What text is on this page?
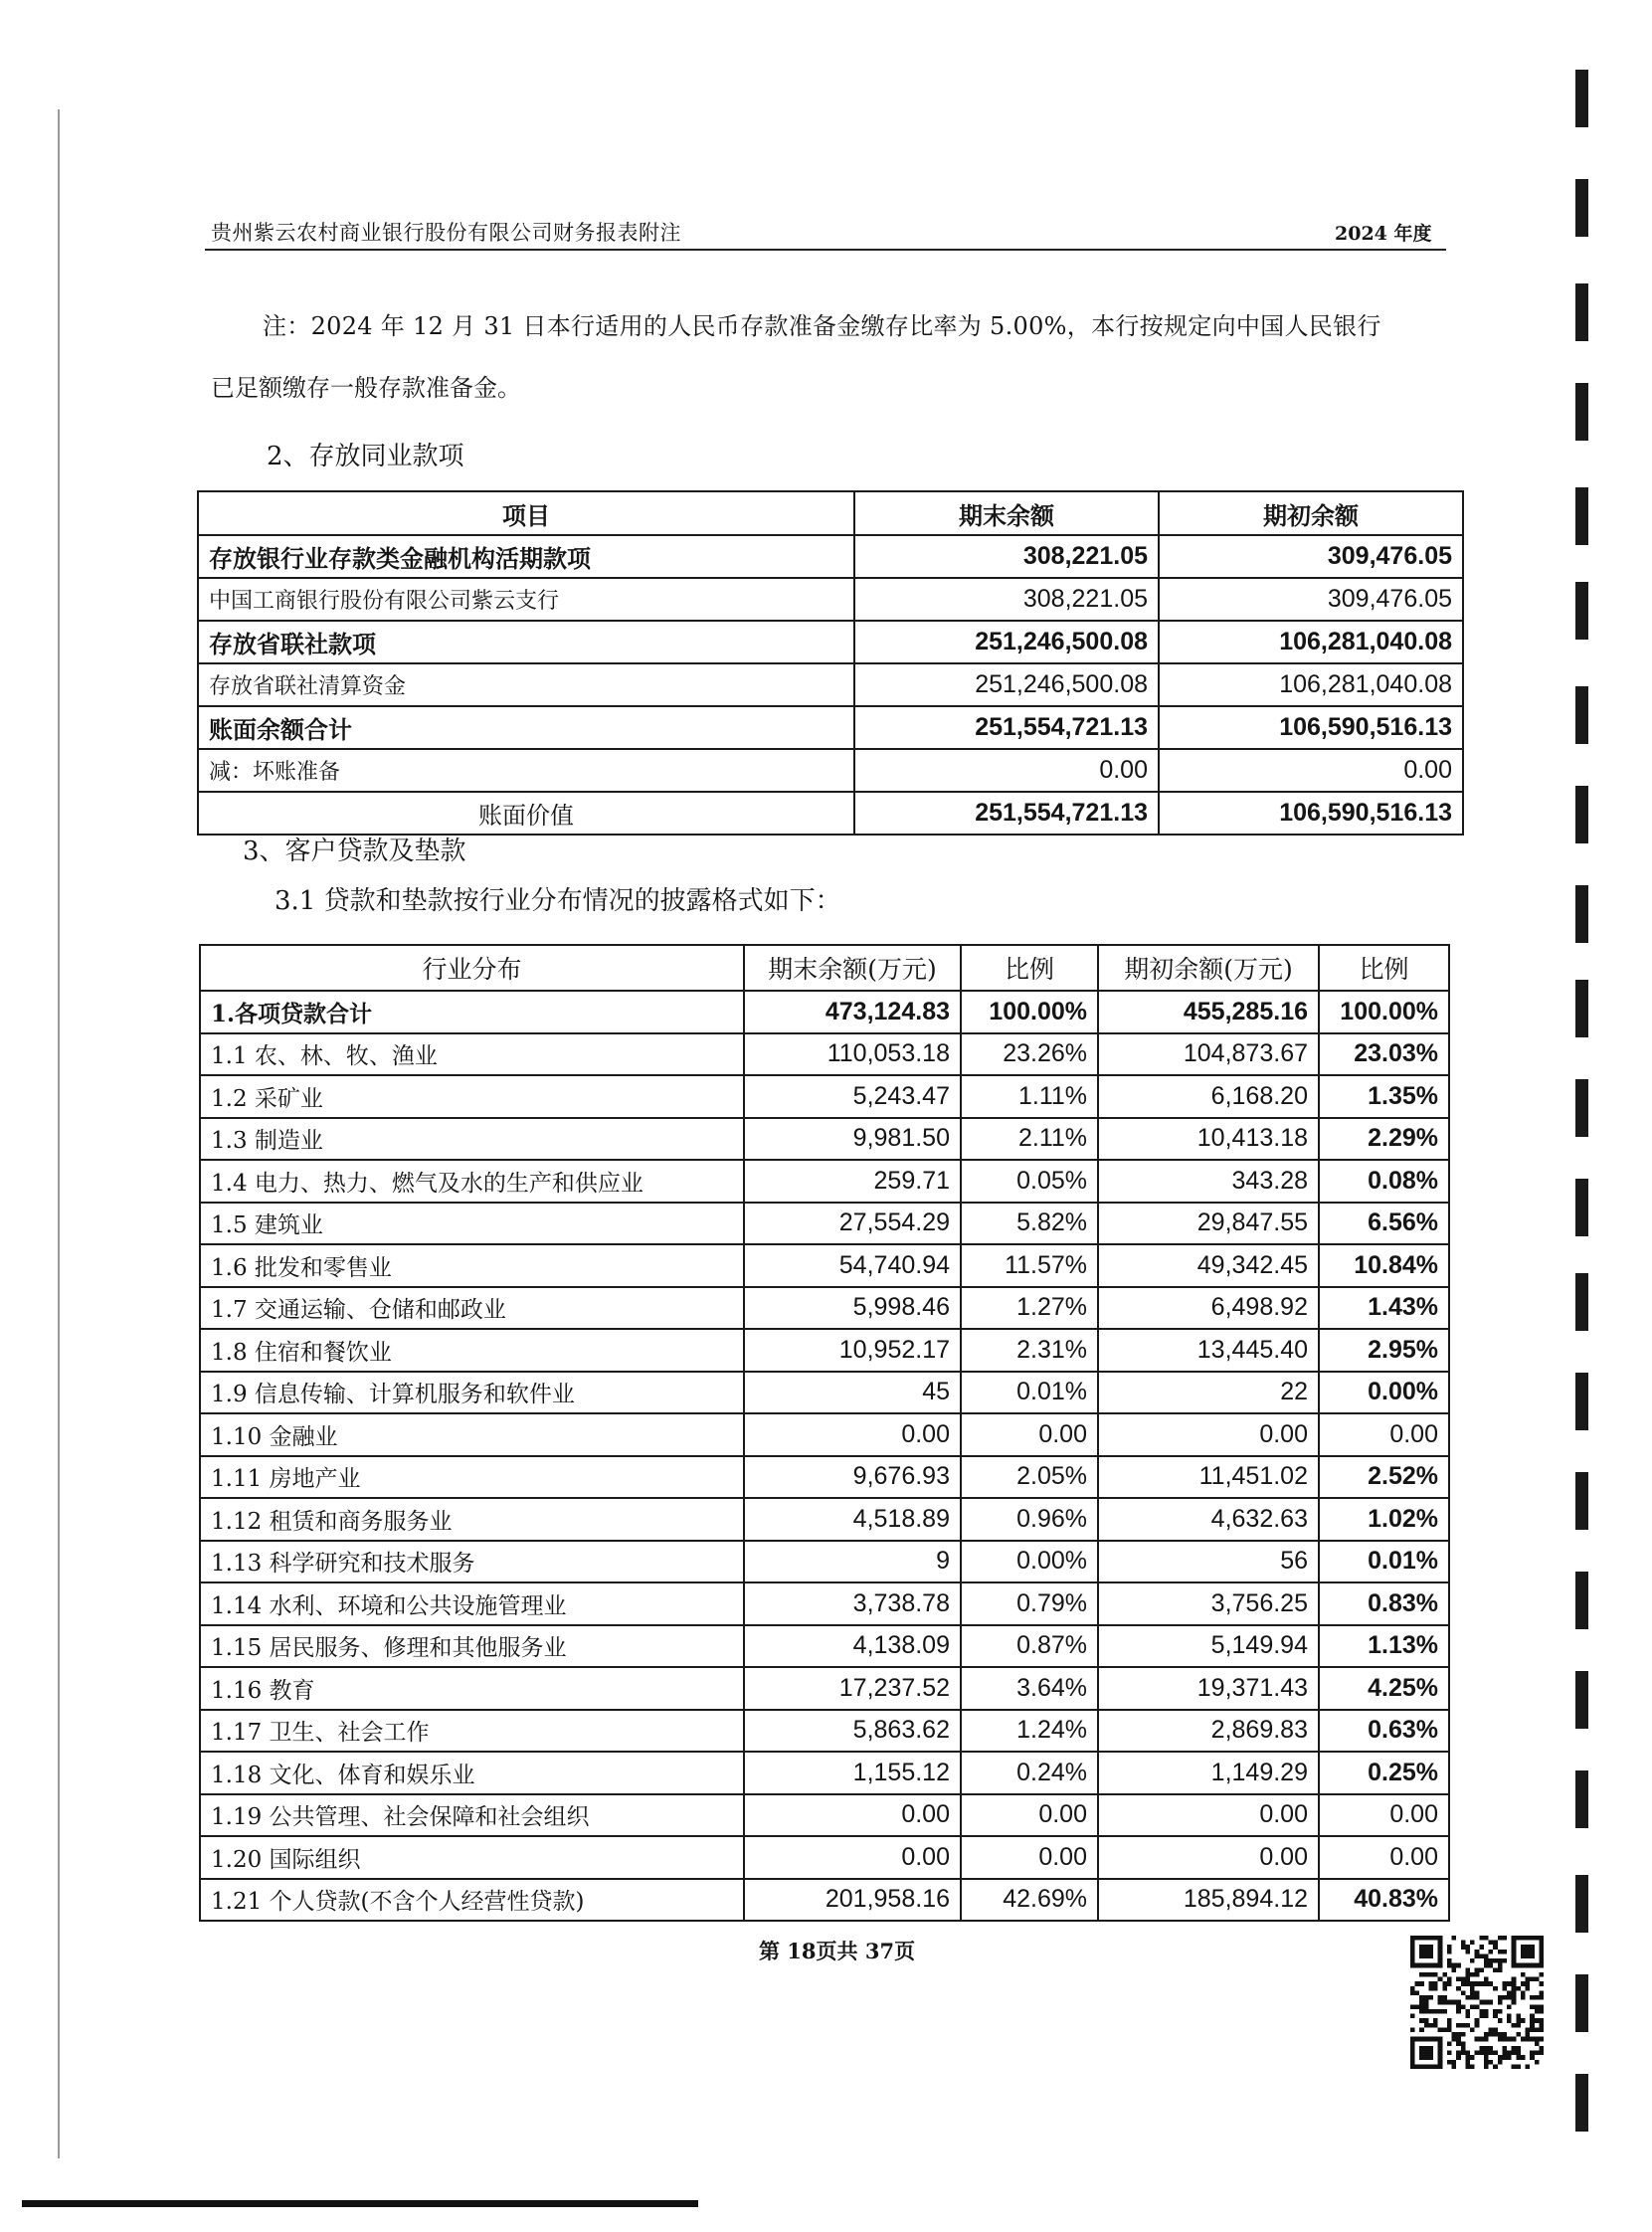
贵州紫云农村商业银行股份有限公司财务报表附注	2024 年度
注：2024 年 12 月 31 日本行适用的人民币存款准备金缴存比率为 5.00%，本行按规定向中国人民银行
已足额缴存一般存款准备金。
2、存放同业款项
项目	期末余额	期初余额
存放银行业存款类金融机构活期款项	308,221.05	309,476.05
中国工商银行股份有限公司紫云支行	308,221.05	309,476.05
存放省联社款项	251,246,500.08	106,281,040.08
存放省联社清算资金	251,246,500.08	106,281,040.08
账面余额合计	251,554,721.13	106,590,516.13
减：坏账准备	0.00	0.00
账面价值	251,554,721.13	106,590,516.13
3、客户贷款及垫款
3.1 贷款和垫款按行业分布情况的披露格式如下：
行业分布	期末余额(万元)	比例	期初余额(万元)	比例
1.各项贷款合计	473,124.83	100.00%	455,285.16	100.00%
1.1 农、林、牧、渔业	110,053.18	23.26%	104,873.67	23.03%
1.2 采矿业	5,243.47	1.11%	6,168.20	1.35%
1.3 制造业	9,981.50	2.11%	10,413.18	2.29%
1.4 电力、热力、燃气及水的生产和供应业	259.71	0.05%	343.28	0.08%
1.5 建筑业	27,554.29	5.82%	29,847.55	6.56%
1.6 批发和零售业	54,740.94	11.57%	49,342.45	10.84%
1.7 交通运输、仓储和邮政业	5,998.46	1.27%	6,498.92	1.43%
1.8 住宿和餐饮业	10,952.17	2.31%	13,445.40	2.95%
1.9 信息传输、计算机服务和软件业	45	0.01%	22	0.00%
1.10 金融业	0.00	0.00	0.00	0.00
1.11 房地产业	9,676.93	2.05%	11,451.02	2.52%
1.12 租赁和商务服务业	4,518.89	0.96%	4,632.63	1.02%
1.13 科学研究和技术服务	9	0.00%	56	0.01%
1.14 水利、环境和公共设施管理业	3,738.78	0.79%	3,756.25	0.83%
1.15 居民服务、修理和其他服务业	4,138.09	0.87%	5,149.94	1.13%
1.16 教育	17,237.52	3.64%	19,371.43	4.25%
1.17 卫生、社会工作	5,863.62	1.24%	2,869.83	0.63%
1.18 文化、体育和娱乐业	1,155.12	0.24%	1,149.29	0.25%
1.19 公共管理、社会保障和社会组织	0.00	0.00	0.00	0.00
1.20 国际组织	0.00	0.00	0.00	0.00
1.21 个人贷款(不含个人经营性贷款)	201,958.16	42.69%	185,894.12	40.83%
第 18页共 37页
